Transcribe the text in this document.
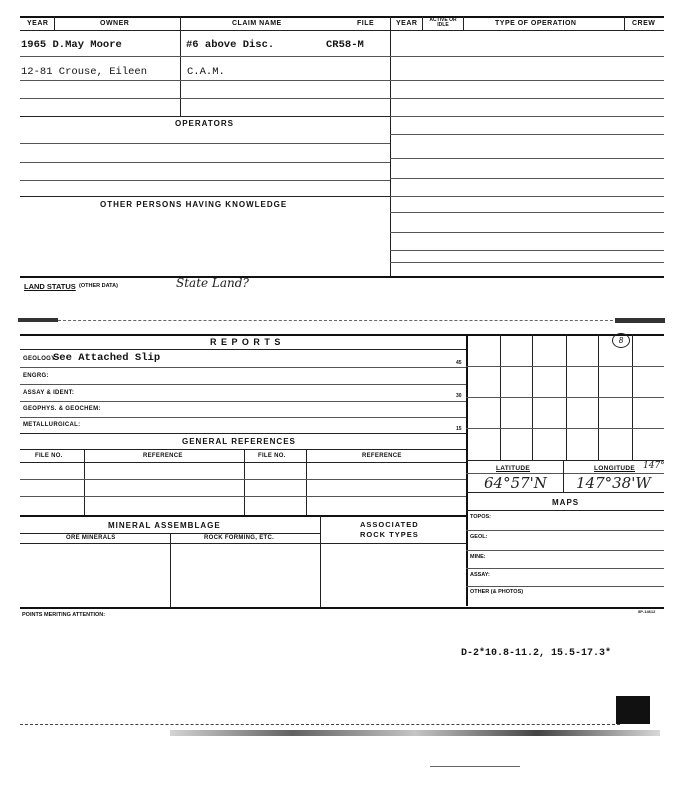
YEAR	OWNER	CLAIM NAME	FILE	YEAR	ACTIVE OR IDLE	TYPE OF OPERATION	CREW
1965 D.May Moore	#6 above Disc.	CR58-M
12-81 Crouse, Eileen	C.A.M.
OPERATORS
OTHER PERSONS HAVING KNOWLEDGE
LAND STATUS (OTHER DATA)	State Land?
R E P O R T S
GEOLOGY:
See Attached Slip	45
ENGRG:
ASSAY & IDENT:	30
GEOPHYS. & GEOCHEM:
METALLURGICAL:
15
GENERAL REFERENCES
FILE NO.	REFERENCE	FILE NO.	REFERENCE
MINERAL ASSEMBLAGE
ORE MINERALS	ROCK FORMING, ETC.
ASSOCIATED
ROCK TYPES
8
LATITUDE	LONGITUDE 147°
64°57'N 147°38'W
MAPS
TOPOS:
GEOL:
MINE:
ASSAY:
OTHER (& PHOTOS)
POINTS MERITING ATTENTION:
5P-14612
D-2*10.8-11.2, 15.5-17.3*
